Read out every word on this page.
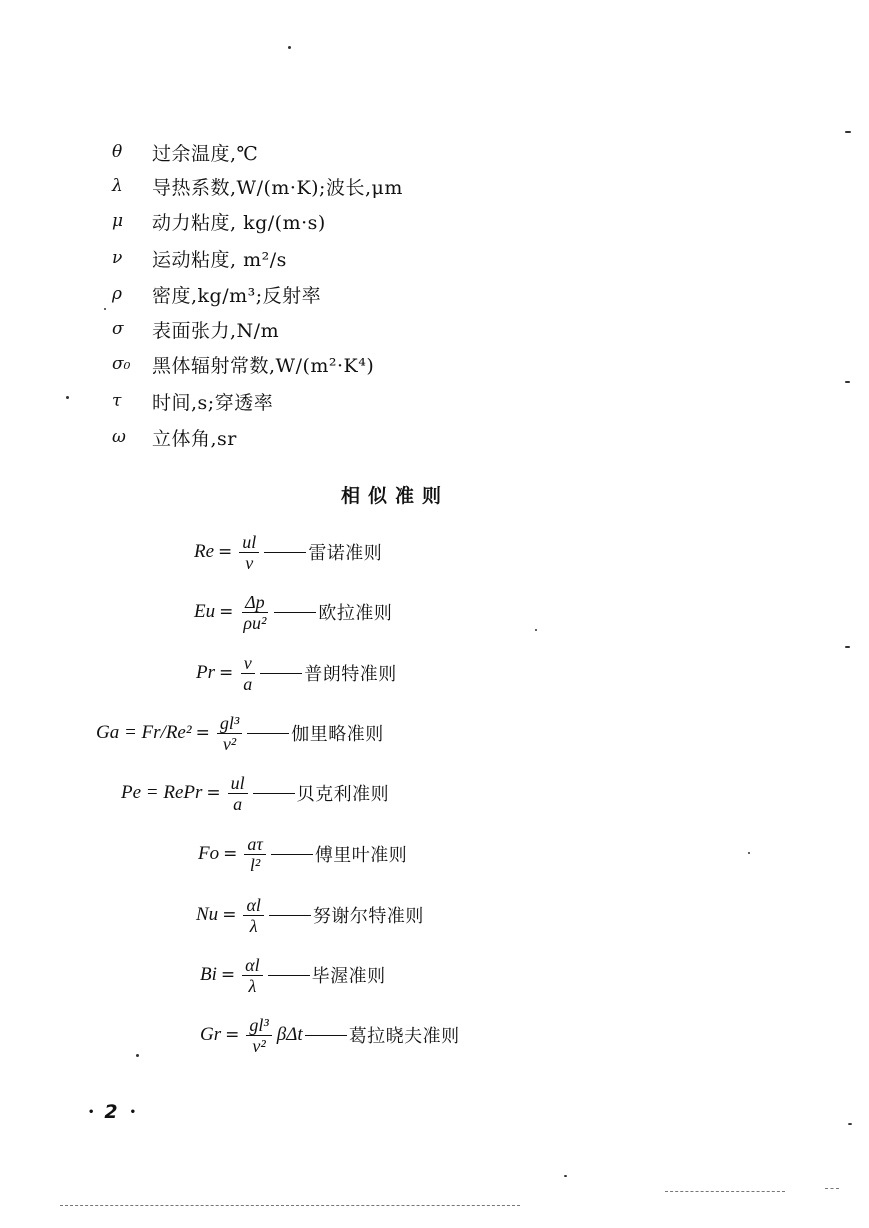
θ	过余温度,℃
λ	导热系数,W/(m·K);波长,μm
μ	动力粘度, kg/(m·s)
ν	运动粘度, m²/s
ρ	密度,kg/m³;反射率
σ	表面张力,N/m
σ₀	黑体辐射常数,W/(m²·K⁴)
τ	时间,s;穿透率
ω	立体角,sr
相似准则
$Re = \frac{ul}{\nu}$	雷诺准则
$Eu = \frac{\Delta p}{\text{ρu²}}$	欧拉准则
$Pr = \frac{\nu}{a}$	普朗特准则
$Ga = Fr/Re^2 = \frac{\text{gl³}}{\text{ν²}}$	伽里略准则
Pe = RePr = $\frac{ul}{a}$	贝克利准则
$Fo = \frac{a\tau}{\text{l²}}$	傅里叶准则
$Nu = \frac{\alpha l}{\lambda}$	努谢尔特准则
$Bi = \frac{\alpha l}{\lambda}$	毕渥准则
$Gr = \frac{\text{gl³}}{\text{ν²}}$ βΔt	葛拉晓夫准则
• 2 •
